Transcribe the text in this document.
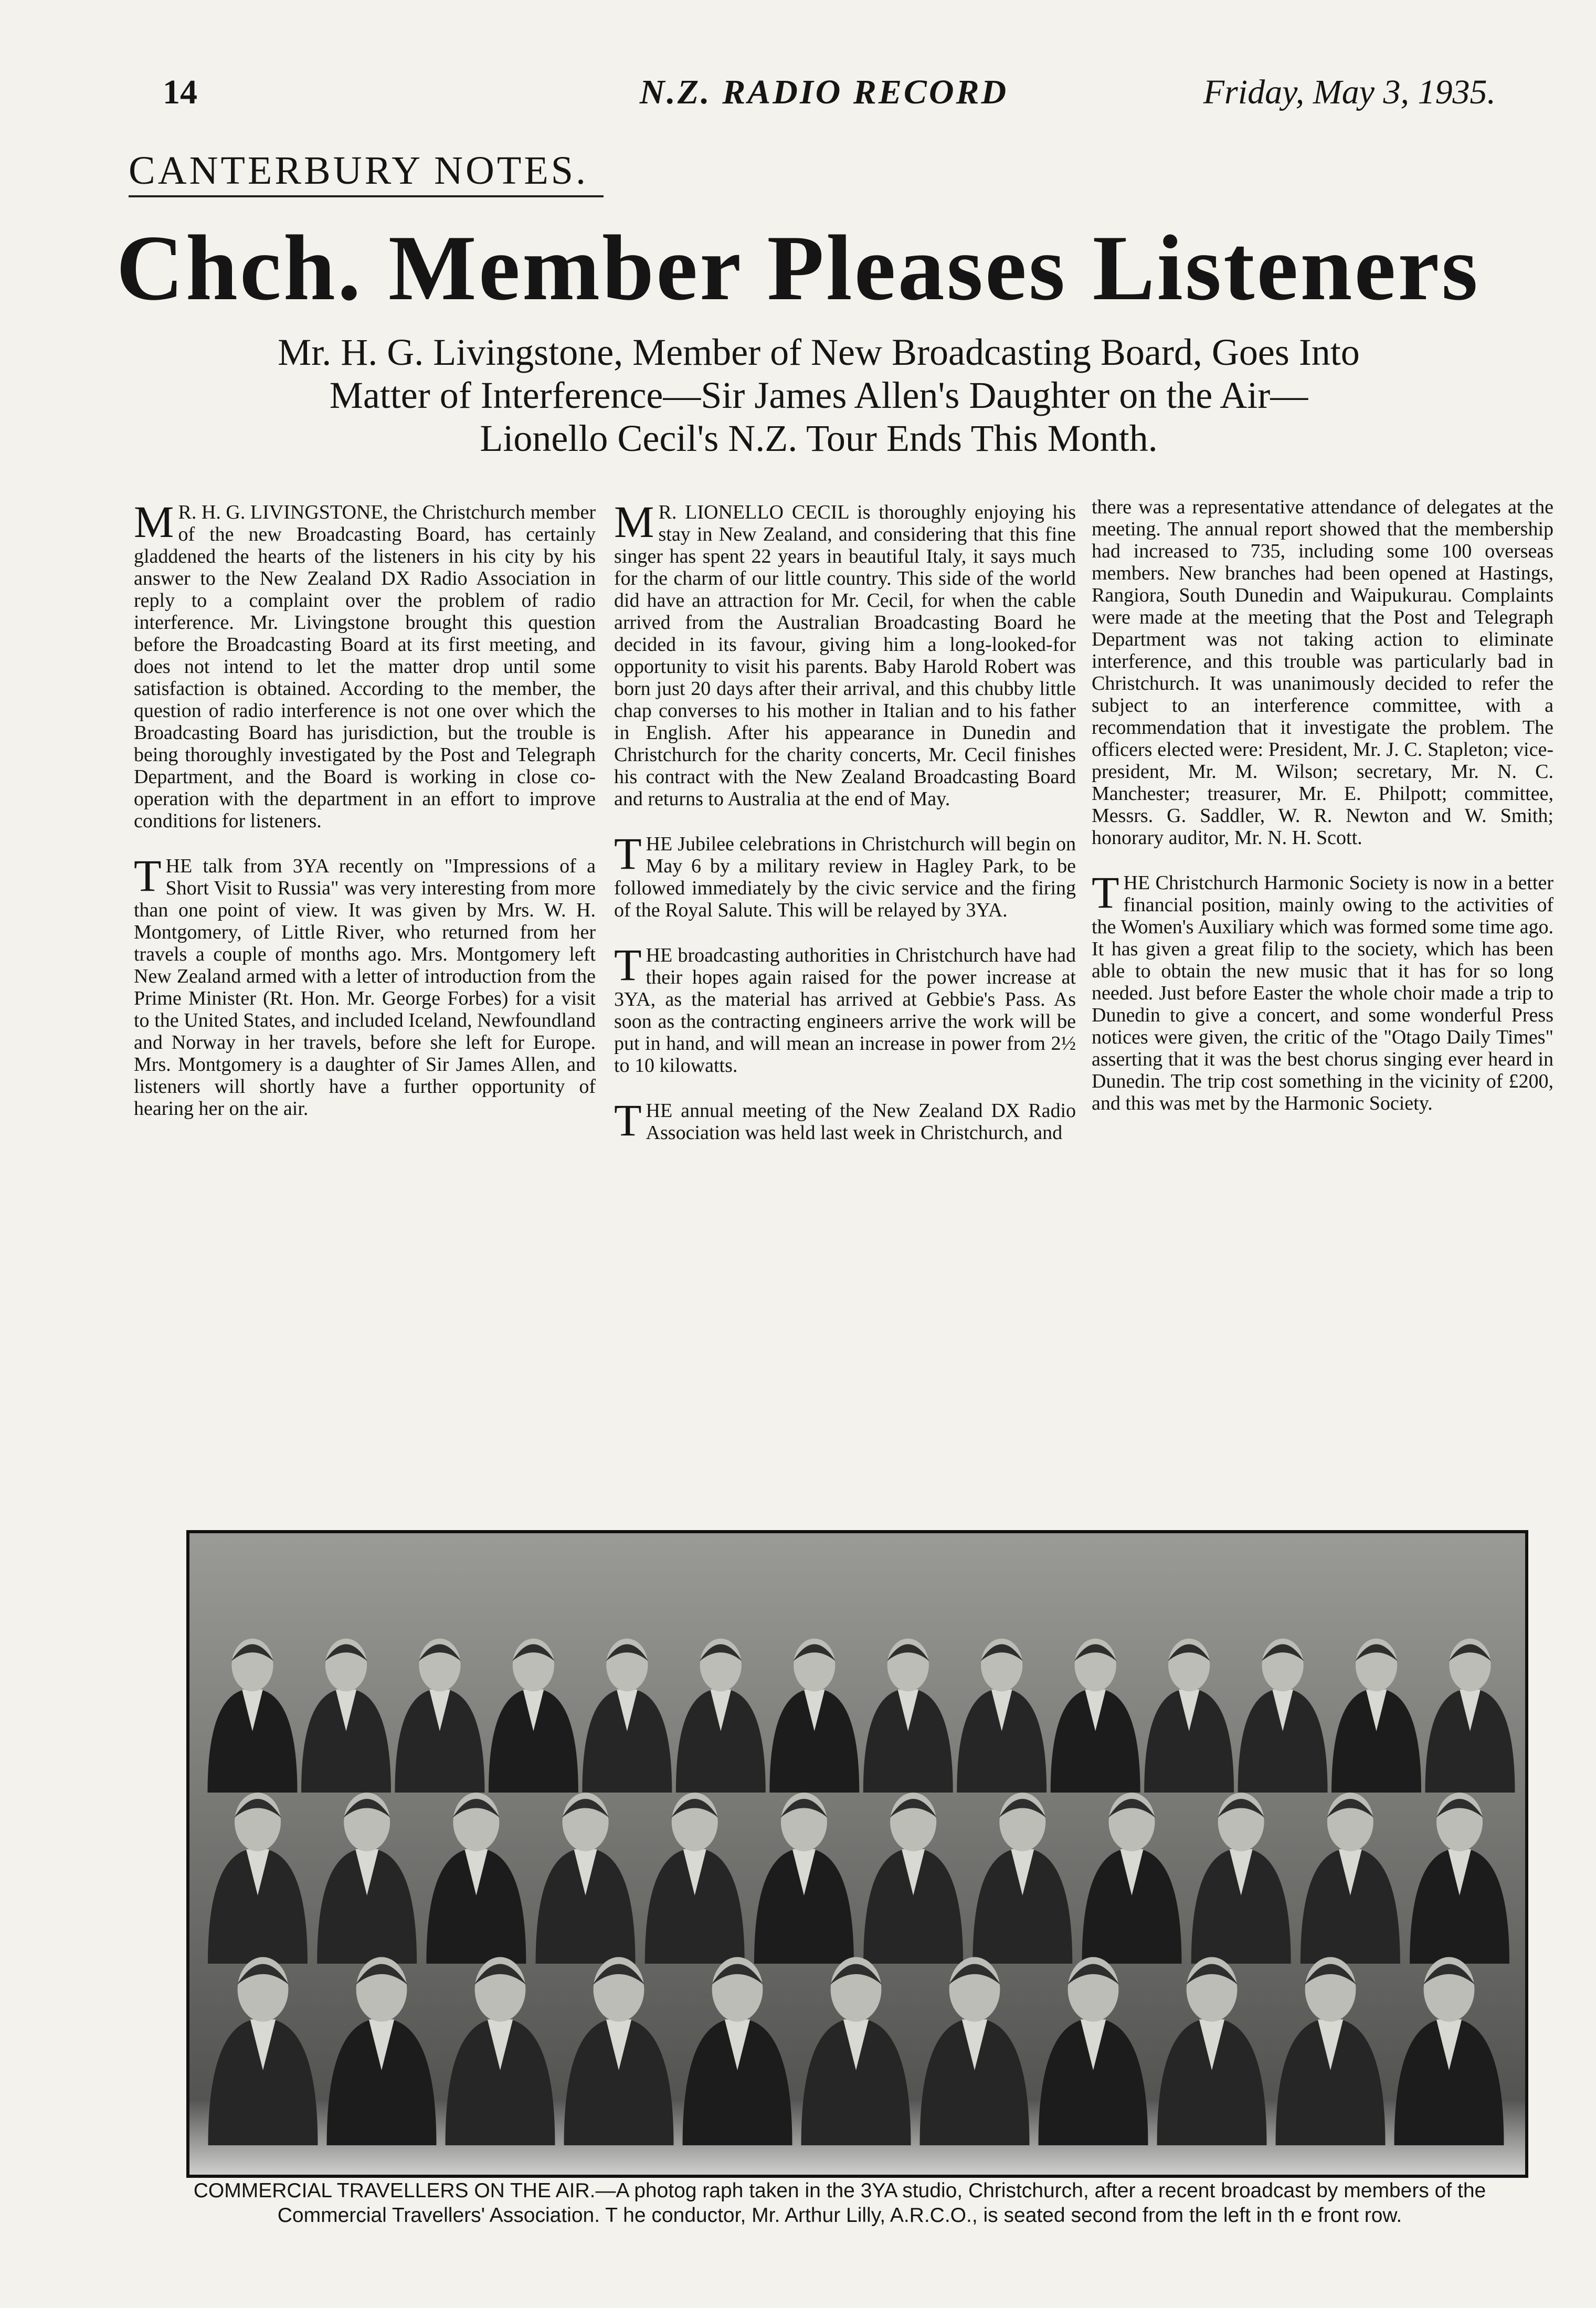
14	N.Z. RADIO RECORD	Friday, May 3, 1935.
CANTERBURY NOTES.
Chch. Member Pleases Listeners
Mr. H. G. Livingstone, Member of New Broadcasting Board, Goes Into
Matter of Interference—Sir James Allen's Daughter on the Air—
Lionello Cecil's N.Z. Tour Ends This Month.

M R. H. G. LIVINGSTONE, the Christchurch member of the new Broadcasting Board, has certainly gladdened the hearts of the listeners in his city by his answer to the New Zealand DX Radio Association in reply to a complaint over the problem of radio interference. Mr. Livingstone brought this question before the Broadcasting Board at its first meeting, and does not intend to let the matter drop until some satisfaction is obtained. According to the member, the question of radio interference is not one over which the Broadcasting Board has jurisdiction, but the trouble is being thoroughly investigated by the Post and Telegraph Department, and the Board is working in close co-operation with the department in an effort to improve conditions for listeners.

THE talk from 3YA recently on "Impressions of a Short Visit to Russia" was very interesting from more than one point of view. It was given by Mrs. W. H. Montgomery, of Little River, who returned from her travels a couple of months ago. Mrs. Montgomery left New Zealand armed with a letter of introduction from the Prime Minister (Rt. Hon. Mr. George Forbes) for a visit to the United States, and included Iceland, Newfoundland and Norway in her travels, before she left for Europe. Mrs. Montgomery is a daughter of Sir James Allen, and listeners will shortly have a further opportunity of hearing her on the air.

M R. LIONELLO CECIL is thoroughly enjoying his stay in New Zealand, and considering that this fine singer has spent 22 years in beautiful Italy, it says much for the charm of our little country. This side of the world did have an attraction for Mr. Cecil, for when the cable arrived from the Australian Broadcasting Board he decided in its favour, giving him a long-looked-for opportunity to visit his parents. Baby Harold Robert was born just 20 days after their arrival, and this chubby little chap converses to his mother in Italian and to his father in English. After his appearance in Dunedin and Christchurch for the charity concerts, Mr. Cecil finishes his contract with the New Zealand Broadcasting Board and returns to Australia at the end of May.

THE Jubilee celebrations in Christchurch will begin on May 6 by a military review in Hagley Park, to be followed immediately by the civic service and the firing of the Royal Salute. This will be relayed by 3YA.

THE broadcasting authorities in Christchurch have had their hopes again raised for the power increase at 3YA, as the material has arrived at Gebbie's Pass. As soon as the contracting engineers arrive the work will be put in hand, and will mean an increase in power from 2½ to 10 kilowatts.

THE annual meeting of the New Zealand DX Radio Association was held last week in Christchurch, and

there was a representative attendance of delegates at the meeting. The annual report showed that the membership had increased to 735, including some 100 overseas members. New branches had been opened at Hastings, Rangiora, South Dunedin and Waipukurau. Complaints were made at the meeting that the Post and Telegraph Department was not taking action to eliminate interference, and this trouble was particularly bad in Christchurch. It was unanimously decided to refer the subject to an interference committee, with a recommendation that it investigate the problem. The officers elected were: President, Mr. J. C. Stapleton; vice-president, Mr. M. Wilson; secretary, Mr. N. C. Manchester; treasurer, Mr. E. Philpott; committee, Messrs. G. Saddler, W. R. Newton and W. Smith; honorary auditor, Mr. N. H. Scott.

THE Christchurch Harmonic Society is now in a better financial position, mainly owing to the activities of the Women's Auxiliary which was formed some time ago. It has given a great filip to the society, which has been able to obtain the new music that it has for so long needed. Just before Easter the whole choir made a trip to Dunedin to give a concert, and some wonderful Press notices were given, the critic of the "Otago Daily Times" asserting that it was the best chorus singing ever heard in Dunedin. The trip cost something in the vicinity of £200, and this was met by the Harmonic Society.

COMMERCIAL TRAVELLERS ON THE AIR.—A photog raph taken in the 3YA studio, Christchurch, after a recent broadcast by members of the Commercial Travellers' Association. T he conductor, Mr. Arthur Lilly, A.R.C.O., is seated second from the left in th e front row.
